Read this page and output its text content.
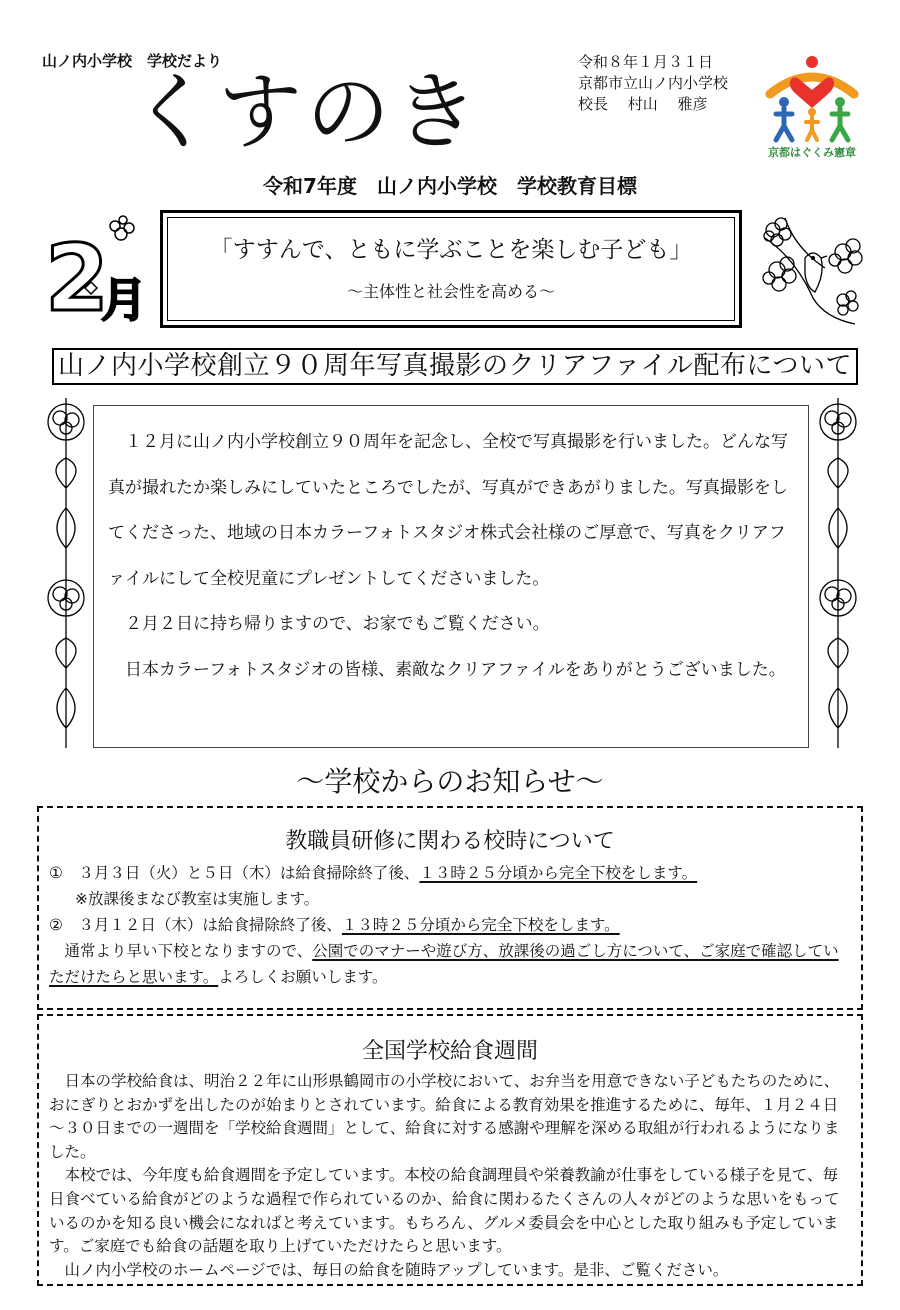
山ノ内小学校　学校だより
くすのき
令和８年１月３１日
京都市立山ノ内小学校
校長　 村山　 雅彦
京都はぐくみ憲章
令和7年度　山ノ内小学校　学校教育目標
2
月
「すすんで、ともに学ぶことを楽しむ子ども」
～主体性と社会性を高める～
山ノ内小学校創立９０周年写真撮影のクリアファイル配布について

１２月に山ノ内小学校創立９０周年を記念し、全校で写真撮影を行いました。どんな写真が撮れたか楽しみにしていたところでしたが、写真ができあがりました。写真撮影をしてくださった、地域の日本カラーフォトスタジオ株式会社様のご厚意で、写真をクリアファイルにして全校児童にプレゼントしてくださいました。

２月２日に持ち帰りますので、お家でもご覧ください。

日本カラーフォトスタジオの皆様、素敵なクリアファイルをありがとうございました。

～学校からのお知らせ～
教職員研修に関わる校時について

①　３月３日（火）と５日（木）は給食掃除終了後、１３時２５分頃から完全下校をします。

※放課後まなび教室は実施します。

②　３月１２日（木）は給食掃除終了後、１３時２５分頃から完全下校をします。

通常より早い下校となりますので、公園でのマナーや遊び方、放課後の過ごし方について、ご家庭で確認していただけたらと思います。よろしくお願いします。

全国学校給食週間

日本の学校給食は、明治２２年に山形県鶴岡市の小学校において、お弁当を用意できない子どもたちのために、おにぎりとおかずを出したのが始まりとされています。給食による教育効果を推進するために、毎年、１月２４日～３０日までの一週間を「学校給食週間」として、給食に対する感謝や理解を深める取組が行われるようになりました。

本校では、今年度も給食週間を予定しています。本校の給食調理員や栄養教諭が仕事をしている様子を見て、毎日食べている給食がどのような過程で作られているのか、給食に関わるたくさんの人々がどのような思いをもっているのかを知る良い機会になればと考えています。もちろん、グルメ委員会を中心とした取り組みも予定しています。ご家庭でも給食の話題を取り上げていただけたらと思います。

山ノ内小学校のホームページでは、毎日の給食を随時アップしています。是非、ご覧ください。
